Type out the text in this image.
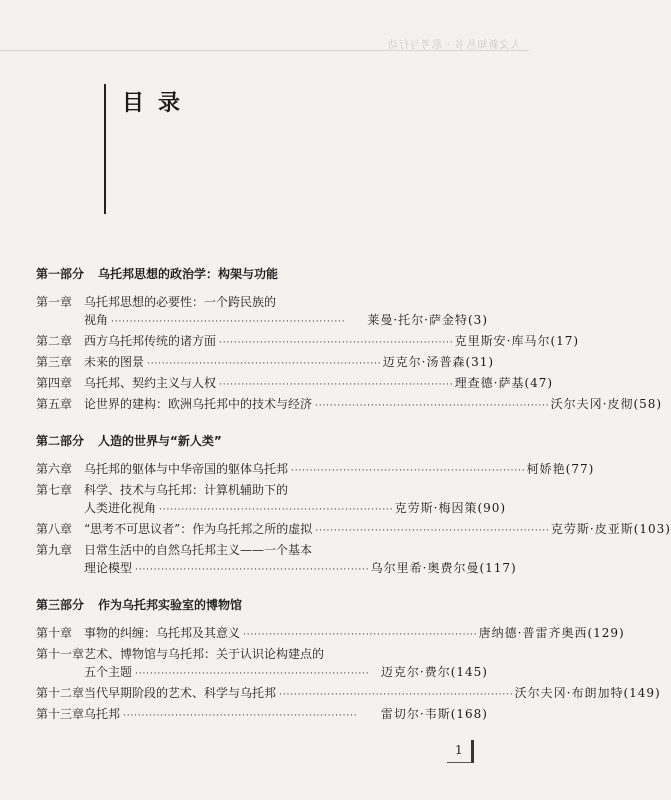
人文新知丛书 · 思考与行动
目录
第一部分 乌托邦思想的政治学：构架与功能
第一章 乌托邦思想的必要性：一个跨民族的
视角 · · ·	莱曼·托尔·萨金特 (3)
第二章 西方乌托邦传统的诸方面 · · ·	克里斯安·库马尔 (17)
第三章 未来的图景 · · ·	迈克尔·汤普森 (31)
第四章 乌托邦、契约主义与人权 · · ·	理查德·萨基 (47)
第五章 论世界的建构：欧洲乌托邦中的技术与经济 · · ·	沃尔夫冈·皮彻 (58)
第二部分 人造的世界与“新人类”
第六章 乌托邦的躯体与中华帝国的躯体乌托邦 · · ·	柯娇艳 (77)
第七章 科学、技术与乌托邦：计算机辅助下的
人类进化视角 · · ·	克劳斯·梅因策 (90)
第八章 “思考不可思议者”：作为乌托邦之所的虚拟 · · ·	克劳斯·皮亚斯 (103)
第九章 日常生活中的自然乌托邦主义——一个基本
理论模型 · · ·	乌尔里希·奥费尔曼 (117)
第三部分 作为乌托邦实验室的博物馆
第十章 事物的纠缠：乌托邦及其意义 · · ·	唐纳德·普雷齐奥西 (129)
第十一章 艺术、博物馆与乌托邦：关于认识论构建点的
五个主题 · · ·	迈克尔·费尔 (145)
第十二章 当代早期阶段的艺术、科学与乌托邦 · · ·	沃尔夫冈·布朗加特 (149)
第十三章 乌托邦 · · ·	雷切尔·韦斯 (168)
1
